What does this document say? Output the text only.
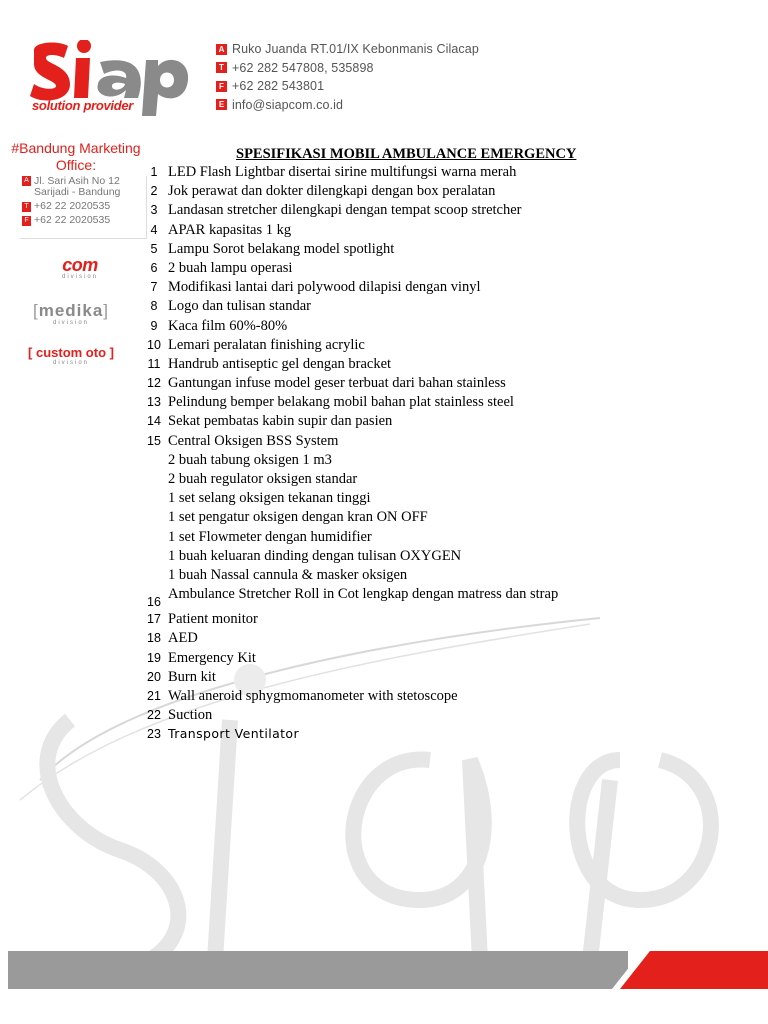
solution provider
A Ruko Juanda RT.01/IX Kebonmanis Cilacap
T +62 282 547808, 535898
F +62 282 543801
E info@siapcom.co.id
#Bandung Marketing Office:
A Jl. Sari Asih No 12
Sarijadi - Bandung
T +62 22 2020535
F +62 22 2020535
com
division
[medika]
division
[ custom oto ]
division
SPESIFIKASI MOBIL AMBULANCE EMERGENCY
1 LED Flash Lightbar disertai sirine multifungsi warna merah
2 Jok perawat dan dokter dilengkapi dengan box peralatan
3 Landasan stretcher dilengkapi dengan tempat scoop stretcher
4 APAR kapasitas 1 kg
5 Lampu Sorot belakang model spotlight
6 2 buah lampu operasi
7 Modifikasi lantai dari polywood dilapisi dengan vinyl
8 Logo dan tulisan standar
9 Kaca film 60%-80%
10 Lemari peralatan finishing acrylic
11 Handrub antiseptic gel dengan bracket
12 Gantungan infuse model geser terbuat dari bahan stainless
13 Pelindung bemper belakang mobil bahan plat stainless steel
14 Sekat pembatas kabin supir dan pasien
15 Central Oksigen BSS System
2 buah tabung oksigen 1 m3
2 buah regulator oksigen standar
1 set selang oksigen tekanan tinggi
1 set pengatur oksigen dengan kran ON OFF
1 set Flowmeter dengan humidifier
1 buah keluaran dinding dengan tulisan OXYGEN
1 buah Nassal cannula & masker oksigen
16 Ambulance Stretcher Roll in Cot lengkap dengan matress dan strap
17 Patient monitor
18 AED
19 Emergency Kit
20 Burn kit
21 Wall aneroid sphygmomanometer with stetoscope
22 Suction
23 Transport Ventilator
